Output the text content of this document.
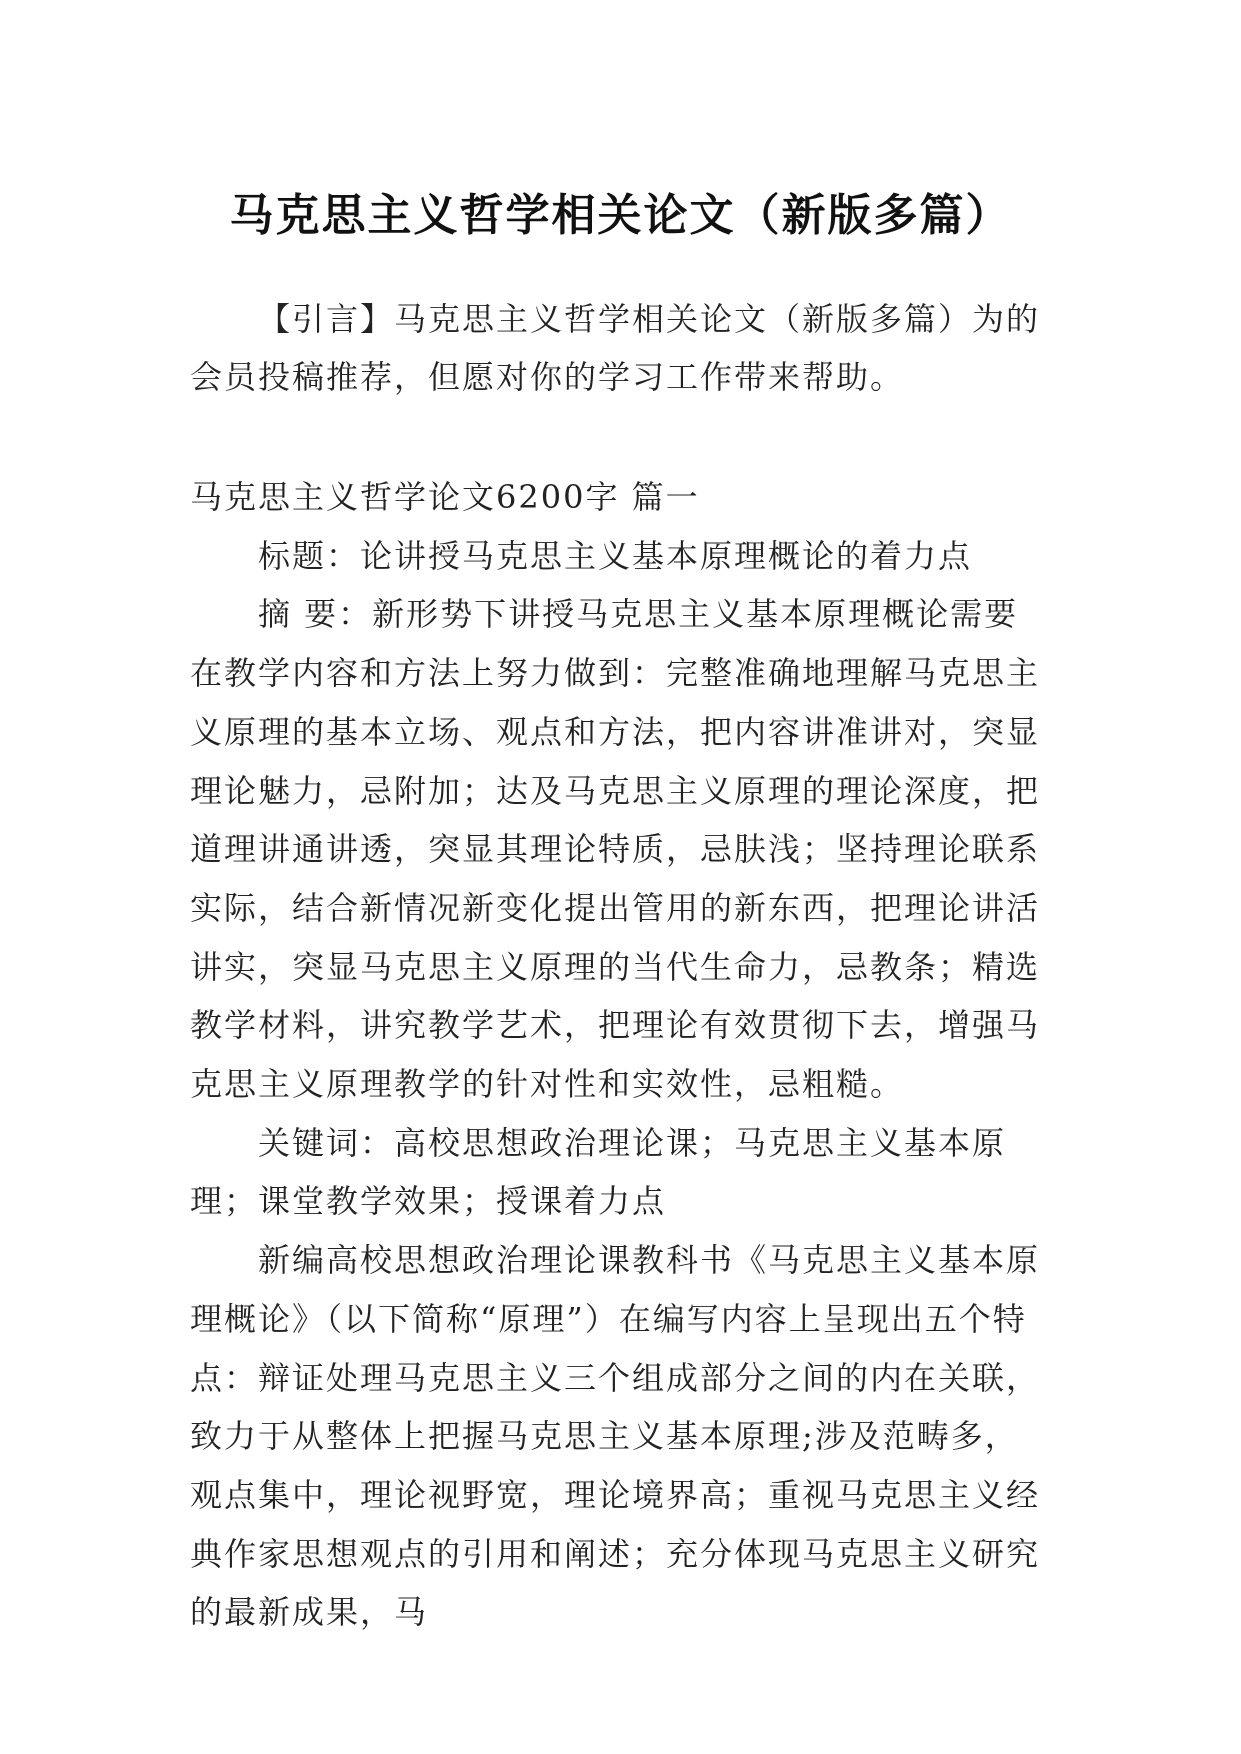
马克思主义哲学相关论文（新版多篇）

【引言】马克思主义哲学相关论文（新版多篇）为的会员投稿推荐，但愿对你的学习工作带来帮助。

马克思主义哲学论文6200字 篇一

标题：论讲授马克思主义基本原理概论的着力点

摘 要：新形势下讲授马克思主义基本原理概论需要在教学内容和方法上努力做到：完整准确地理解马克思主义原理的基本立场、观点和方法，把内容讲准讲对，突显理论魅力，忌附加；达及马克思主义原理的理论深度，把道理讲通讲透，突显其理论特质，忌肤浅；坚持理论联系实际，结合新情况新变化提出管用的新东西，把理论讲活讲实，突显马克思主义原理的当代生命力，忌教条；精选教学材料，讲究教学艺术，把理论有效贯彻下去，增强马克思主义原理教学的针对性和实效性，忌粗糙。

关键词：高校思想政治理论课；马克思主义基本原理；课堂教学效果；授课着力点

新编高校思想政治理论课教科书《马克思主义基本原理概论》（以下简称“原理”）在编写内容上呈现出五个特点：辩证处理马克思主义三个组成部分之间的内在关联，致力于从整体上把握马克思主义基本原理;涉及范畴多，观点集中，理论视野宽，理论境界高；重视马克思主义经典作家思想观点的引用和阐述；充分体现马克思主义研究的最新成果，马
